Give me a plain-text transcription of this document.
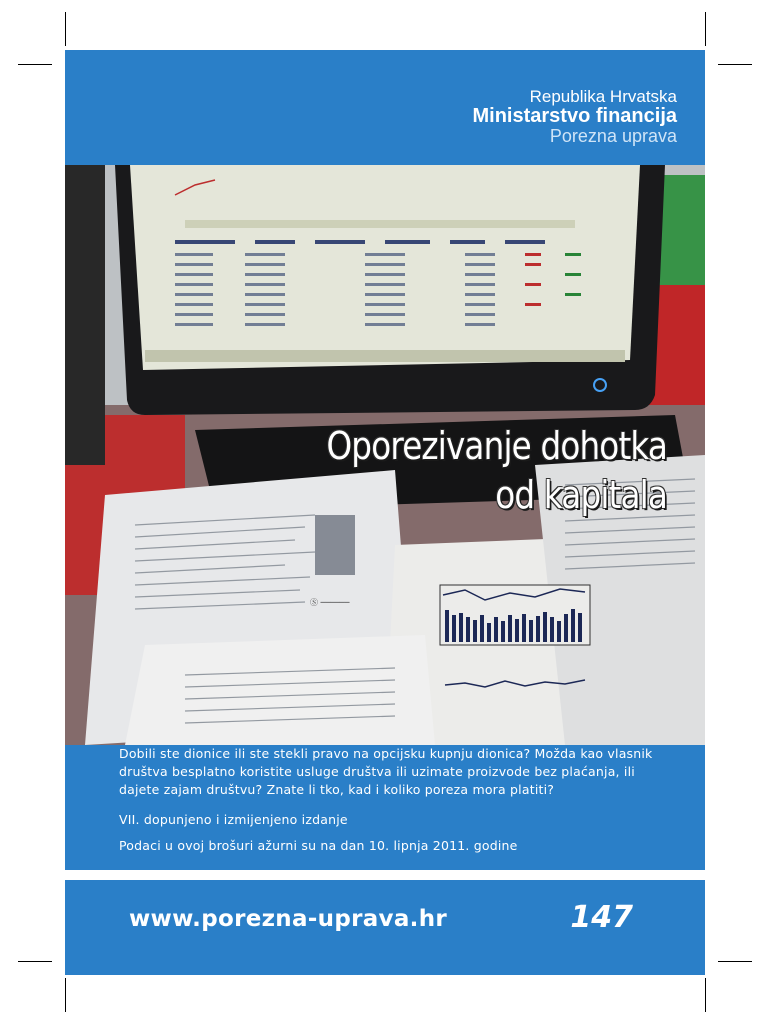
Republika Hrvatska
Ministarstvo financija
Porezna uprava
Ⓢ ──────
Oporezivanje dohotka
od kapitala

Dobili ste dionice ili ste stekli pravo na opcijsku kupnju dionica? Možda kao vlasnik društva besplatno koristite usluge društva ili uzimate proizvode bez plaćanja, ili dajete zajam društvu? Znate li tko, kad i koliko poreza mora platiti?

VII. dopunjeno i izmijenjeno izdanje

Podaci u ovoj brošuri ažurni su na dan 10. lipnja 2011. godine

www.porezna-uprava.hr	147
